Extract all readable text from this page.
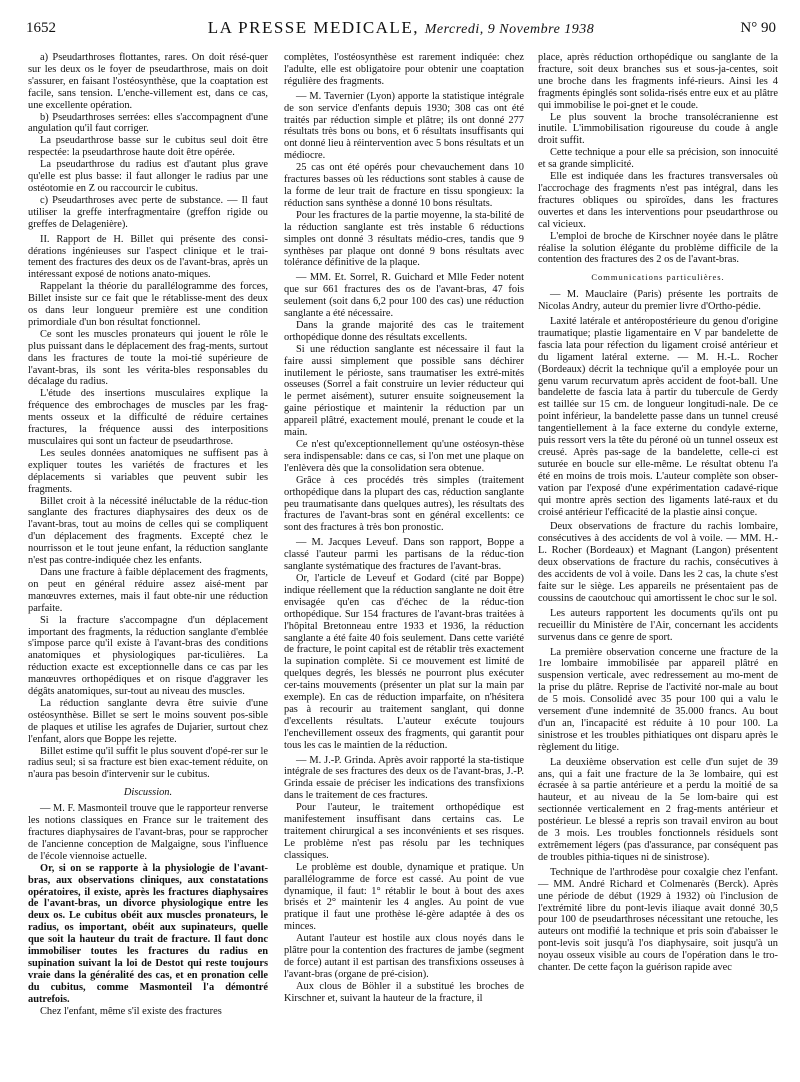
1652	LA PRESSE MEDICALE, Mercredi, 9 Novembre 1938	N° 90

a) Pseudarthroses flottantes, rares. On doit résé-quer sur les deux os le foyer de pseudarthrose, mais on doit s'assurer, en faisant l'ostéosynthèse, que la coaptation est facile, sans tension. L'enche-villement est, dans ce cas, une excellente opération.

b) Pseudarthroses serrées: elles s'accompagnent d'une angulation qu'il faut corriger.

La pseudarthrose basse sur le cubitus seul doit être respectée: la pseudarthrose haute doit être opérée.

La pseudarthrose du radius est d'autant plus grave qu'elle est plus basse: il faut allonger le radius par une ostéotomie en Z ou raccourcir le cubitus.

c) Pseudarthroses avec perte de substance. — Il faut utiliser la greffe interfragmentaire (greffon rigide ou greffes de Delagenière).

II. Rapport de H. Billet qui présente des consi-dérations ingénieuses sur l'aspect clinique et le trai-tement des fractures des deux os de l'avant-bras, après un intéressant exposé de notions anato-miques.

Rappelant la théorie du parallélogramme des forces, Billet insiste sur ce fait que le rétablisse-ment des deux os dans leur longueur première est une condition primordiale d'un bon résultat fonctionnel.

Ce sont les muscles pronateurs qui jouent le rôle le plus puissant dans le déplacement des frag-ments, surtout dans les fractures de toute la moi-tié supérieure de l'avant-bras, ils sont les vérita-bles responsables du décalage du radius.

L'étude des insertions musculaires explique la fréquence des embrochages de muscles par les frag-ments osseux et la difficulté de réduire certaines fractures, la fréquence aussi des interpositions musculaires qui sont un facteur de pseudarthrose.

Les seules données anatomiques ne suffisent pas à expliquer toutes les variétés de fractures et les déplacements si variables que peuvent subir les fragments.

Billet croit à la nécessité inéluctable de la réduc-tion sanglante des fractures diaphysaires des deux os de l'avant-bras, tout au moins de celles qui se compliquent d'un déplacement des fragments. Excepté chez le nourrisson et le tout jeune enfant, la réduction sanglante n'est pas contre-indiquée chez les enfants.

Dans une fracture à faible déplacement des fragments, on peut en général réduire assez aisé-ment par manœuvres externes, mais il faut obte-nir une réduction parfaite.

Si la fracture s'accompagne d'un déplacement important des fragments, la réduction sanglante d'emblée s'impose parce qu'il existe à l'avant-bras des conditions anatomiques et physiologiques par-ticulières. La réduction exacte est exceptionnelle dans ce cas par les manœuvres orthopédiques et on risque d'aggraver les dégâts anatomiques, sur-tout au niveau des muscles.

La réduction sanglante devra être suivie d'une ostéosynthèse. Billet se sert le moins souvent pos-sible de plaques et utilise les agrafes de Dujarier, surtout chez l'enfant, alors que Boppe les rejette.

Billet estime qu'il suffit le plus souvent d'opé-rer sur le radius seul; si sa fracture est bien exac-tement réduite, on n'aura pas besoin d'intervenir sur le cubitus.

Discussion.

— M. F. Masmonteil trouve que le rapporteur renverse les notions classiques en France sur le traitement des fractures diaphysaires de l'avant-bras, pour se rapprocher de l'ancienne conception de Malgaigne, sous l'influence de l'école viennoise actuelle.

Or, si on se rapporte à la physiologie de l'avant-bras, aux observations cliniques, aux constatations opératoires, il existe, après les fractures diaphysaires de l'avant-bras, un divorce physiologique entre les deux os. Le cubitus obéit aux muscles pronateurs, le radius, os important, obéit aux supinateurs, quelle que soit la hauteur du trait de fracture. Il faut donc immobiliser toutes les fractures du radius en supination suivant la loi de Destot qui reste toujours vraie dans la généralité des cas, et en pronation celle du cubitus, comme Masmonteil l'a démontré autrefois.

Chez l'enfant, même s'il existe des fractures

complètes, l'ostéosynthèse est rarement indiquée: chez l'adulte, elle est obligatoire pour obtenir une coaptation régulière des fragments.

— M. Tavernier (Lyon) apporte la statistique intégrale de son service d'enfants depuis 1930; 308 cas ont été traités par réduction simple et plâtre; ils ont donné 277 résultats très bons ou bons, et 6 résultats insuffisants qui ont donné lieu à réintervention avec 5 bons résultats et un médiocre.

25 cas ont été opérés pour chevauchement dans 10 fractures basses où les réductions sont stables à cause de la forme de leur trait de fracture en tissu spongieux: la réduction sans synthèse a donné 10 bons résultats.

Pour les fractures de la partie moyenne, la sta-bilité de la réduction sanglante est très instable 6 réductions simples ont donné 3 résultats médio-cres, tandis que 9 synthèses par plaque ont donné 9 bons résultats avec tolérance définitive de la plaque.

— MM. Et. Sorrel, R. Guichard et Mlle Feder notent que sur 661 fractures des os de l'avant-bras, 47 fois seulement (soit dans 6,2 pour 100 des cas) une réduction sanglante a été nécessaire.

Dans la grande majorité des cas le traitement orthopédique donne des résultats excellents.

Si une réduction sanglante est nécessaire il faut la faire aussi simplement que possible sans déchirer inutilement le périoste, sans traumatiser les extré-mités osseuses (Sorrel a fait construire un levier réducteur qui le permet aisément), suturer ensuite soigneusement la gaine périostique et maintenir la réduction par un appareil plâtré, exactement moulé, prenant le coude et la main.

Ce n'est qu'exceptionnellement qu'une ostéosyn-thèse sera indispensable: dans ce cas, si l'on met une plaque on l'enlèvera dès que la consolidation sera obtenue.

Grâce à ces procédés très simples (traitement orthopédique dans la plupart des cas, réduction sanglante peu traumatisante dans quelques autres), les résultats des fractures de l'avant-bras sont en général excellents: ce sont des fractures à très bon pronostic.

— M. Jacques Leveuf. Dans son rapport, Boppe a classé l'auteur parmi les partisans de la réduc-tion sanglante systématique des fractures de l'avant-bras.

Or, l'article de Leveuf et Godard (cité par Boppe) indique réellement que la réduction sanglante ne doit être envisagée qu'en cas d'échec de la réduc-tion orthopédique. Sur 154 fractures de l'avant-bras traitées à l'hôpital Bretonneau entre 1933 et 1936, la réduction sanglante a été faite 40 fois seulement. Dans cette variété de fracture, le point capital est de rétablir très exactement la supination complète. Si ce mouvement est limité de quelques degrés, les blessés ne pourront plus exécuter cer-tains mouvements (présenter un plat sur la main par exemple). En cas de réduction imparfaite, on n'hésitera pas à recourir au traitement sanglant, qui donne d'excellents résultats. L'auteur exécute toujours l'enchevillement osseux des fragments, qui garantit pour tous les cas le maintien de la réduction.

— M. J.-P. Grinda. Après avoir rapporté la sta-tistique intégrale de ses fractures des deux os de l'avant-bras, J.-P. Grinda essaie de préciser les indications des transfixions dans le traitement de ces fractures.

Pour l'auteur, le traitement orthopédique est manifestement insuffisant dans certains cas. Le traitement chirurgical a ses inconvénients et ses risques. Le problème n'est pas résolu par les techniques classiques.

Le problème est double, dynamique et pratique. Un parallélogramme de force est cassé. Au point de vue dynamique, il faut: 1° rétablir le bout à bout des axes brisés et 2° maintenir les 4 angles. Au point de vue pratique il faut une prothèse lé-gère adaptée à des os minces.

Autant l'auteur est hostile aux clous noyés dans le plâtre pour la contention des fractures de jambe (segment de force) autant il est partisan des transfixions osseuses à l'avant-bras (organe de pré-cision).

Aux clous de Böhler il a substitué les broches de Kirschner et, suivant la hauteur de la fracture, il

place, après réduction orthopédique ou sanglante de la fracture, soit deux branches sus et sous-ja-centes, soit une broche dans les fragments infé-rieurs. Ainsi les 4 fragments épinglés sont solida-risés entre eux et au plâtre qui immobilise le poi-gnet et le coude.

Le plus souvent la broche transolécranienne est inutile. L'immobilisation rigoureuse du coude à angle droit suffit.

Cette technique a pour elle sa précision, son innocuité et sa grande simplicité.

Elle est indiquée dans les fractures transversales où l'accrochage des fragments n'est pas intégral, dans les fractures obliques ou spiroïdes, dans les fractures ouvertes et dans les interventions pour pseudarthrose ou cal vicieux.

L'emploi de broche de Kirschner noyée dans le plâtre réalise la solution élégante du problème difficile de la contention des fractures des 2 os de l'avant-bras.

Communications particulières.

— M. Mauclaire (Paris) présente les portraits de Nicolas Andry, auteur du premier livre d'Ortho-pédie.

Laxité latérale et antéropostérieure du genou d'origine traumatique; plastie ligamentaire en V par bandelette de fascia lata pour réfection du ligament croisé antérieur et du ligament latéral externe. — M. H.-L. Rocher (Bordeaux) décrit la technique qu'il a employée pour un genu varum recurvatum après accident de foot-ball. Une bandelette de fascia lata à partir du tubercule de Gerdy est taillée sur 15 cm. de longueur longitudi-nale. De ce point inférieur, la bandelette passe dans un tunnel creusé tangentiellement à la face externe du condyle externe, puis ressort vers la tête du péroné où un tunnel osseux est creusé. Après pas-sage de la bandelette, celle-ci est suturée en boucle sur elle-même. Le résultat obtenu l'a été en moins de trois mois. L'auteur complète son obser-vation par l'exposé d'une expérimentation cadavé-rique qui montre après section des ligaments laté-raux et du croisé antérieur l'efficacité de la plastie ainsi conçue.

Deux observations de fracture du rachis lombaire, consécutives à des accidents de vol à voile. — MM. H.-L. Rocher (Bordeaux) et Magnant (Langon) présentent deux observations de fracture du rachis, consécutives à des accidents de vol à voile. Dans les 2 cas, la chute s'est faite sur le siège. Les appareils ne présentaient pas de coussins de caoutchouc qui amortissent le choc sur le sol.

Les auteurs rapportent les documents qu'ils ont pu recueillir du Ministère de l'Air, concernant les accidents survenus dans ce genre de sport.

La première observation concerne une fracture de la 1re lombaire immobilisée par appareil plâtré en suspension verticale, avec redressement au mo-ment de la prise du plâtre. Reprise de l'activité nor-male au bout de 5 mois. Consolidé avec 35 pour 100 qui a valu le versement d'une indemnité de 35.000 francs. Au bout d'un an, l'incapacité est réduite à 10 pour 100. La sinistrose et les troubles pithiatiques ont disparu après le règlement du litige.

La deuxième observation est celle d'un sujet de 39 ans, qui a fait une fracture de la 3e lombaire, qui est écrasée à sa partie antérieure et a perdu la moitié de sa hauteur, et au niveau de la 5e lom-baire qui est sectionnée verticalement en 2 frag-ments antérieur et postérieur. Le blessé a repris son travail environ au bout de 3 mois. Les troubles fonctionnels résiduels sont extrêmement légers (pas d'assurance, par conséquent pas de troubles pithia-tiques ni de sinistrose).

Technique de l'arthrodèse pour coxalgie chez l'enfant. — MM. André Richard et Colmenarès (Berck). Après une période de début (1929 à 1932) où l'inclusion de l'extrémité libre du pont-levis iliaque avait donné 30,5 pour 100 de pseudarthroses nécessitant une retouche, les auteurs ont modifié la technique et pris soin d'abaisser le pont-levis soit jusqu'à l'os diaphysaire, soit jusqu'à un noyau osseux visible au cours de l'opération dans le tro-chanter. De cette façon la guérison rapide avec
